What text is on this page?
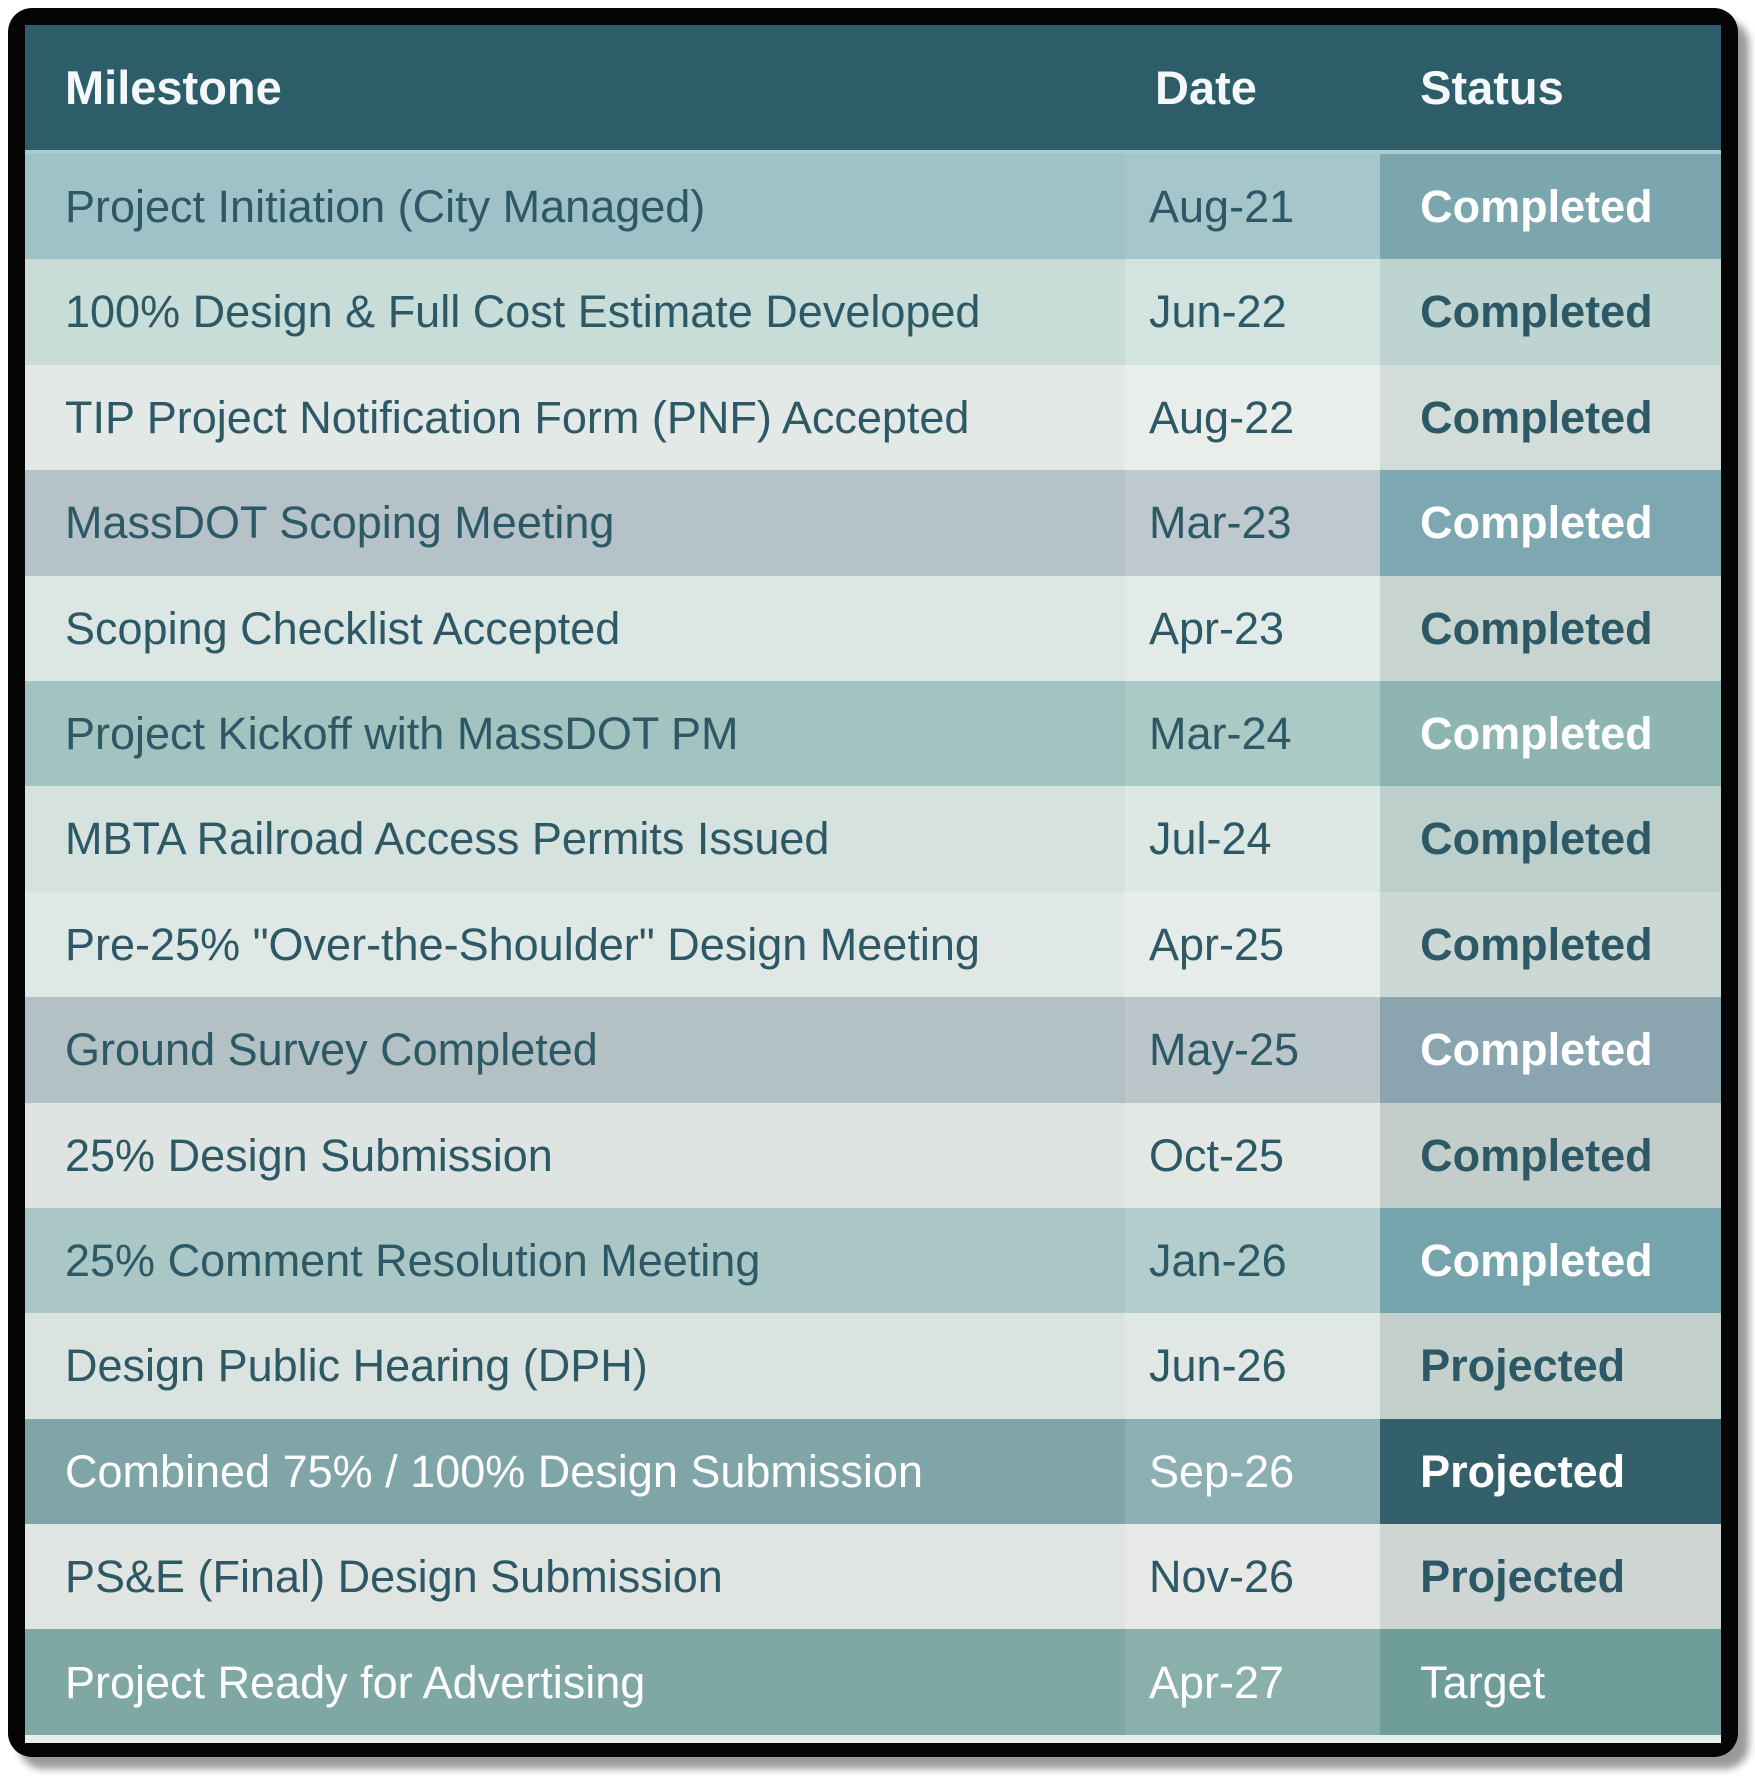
Milestone	Date	Status
Project Initiation (City Managed)	Aug-21	Completed
100% Design & Full Cost Estimate Developed	Jun-22	Completed
TIP Project Notification Form (PNF) Accepted	Aug-22	Completed
MassDOT Scoping Meeting	Mar-23	Completed
Scoping Checklist Accepted	Apr-23	Completed
Project Kickoff with MassDOT PM	Mar-24	Completed
MBTA Railroad Access Permits Issued	Jul-24	Completed
Pre-25% "Over-the-Shoulder" Design Meeting	Apr-25	Completed
Ground Survey Completed	May-25	Completed
25% Design Submission	Oct-25	Completed
25% Comment Resolution Meeting	Jan-26	Completed
Design Public Hearing (DPH)	Jun-26	Projected
Combined 75% / 100% Design Submission	Sep-26	Projected
PS&E (Final) Design Submission	Nov-26	Projected
Project Ready for Advertising	Apr-27	Target
